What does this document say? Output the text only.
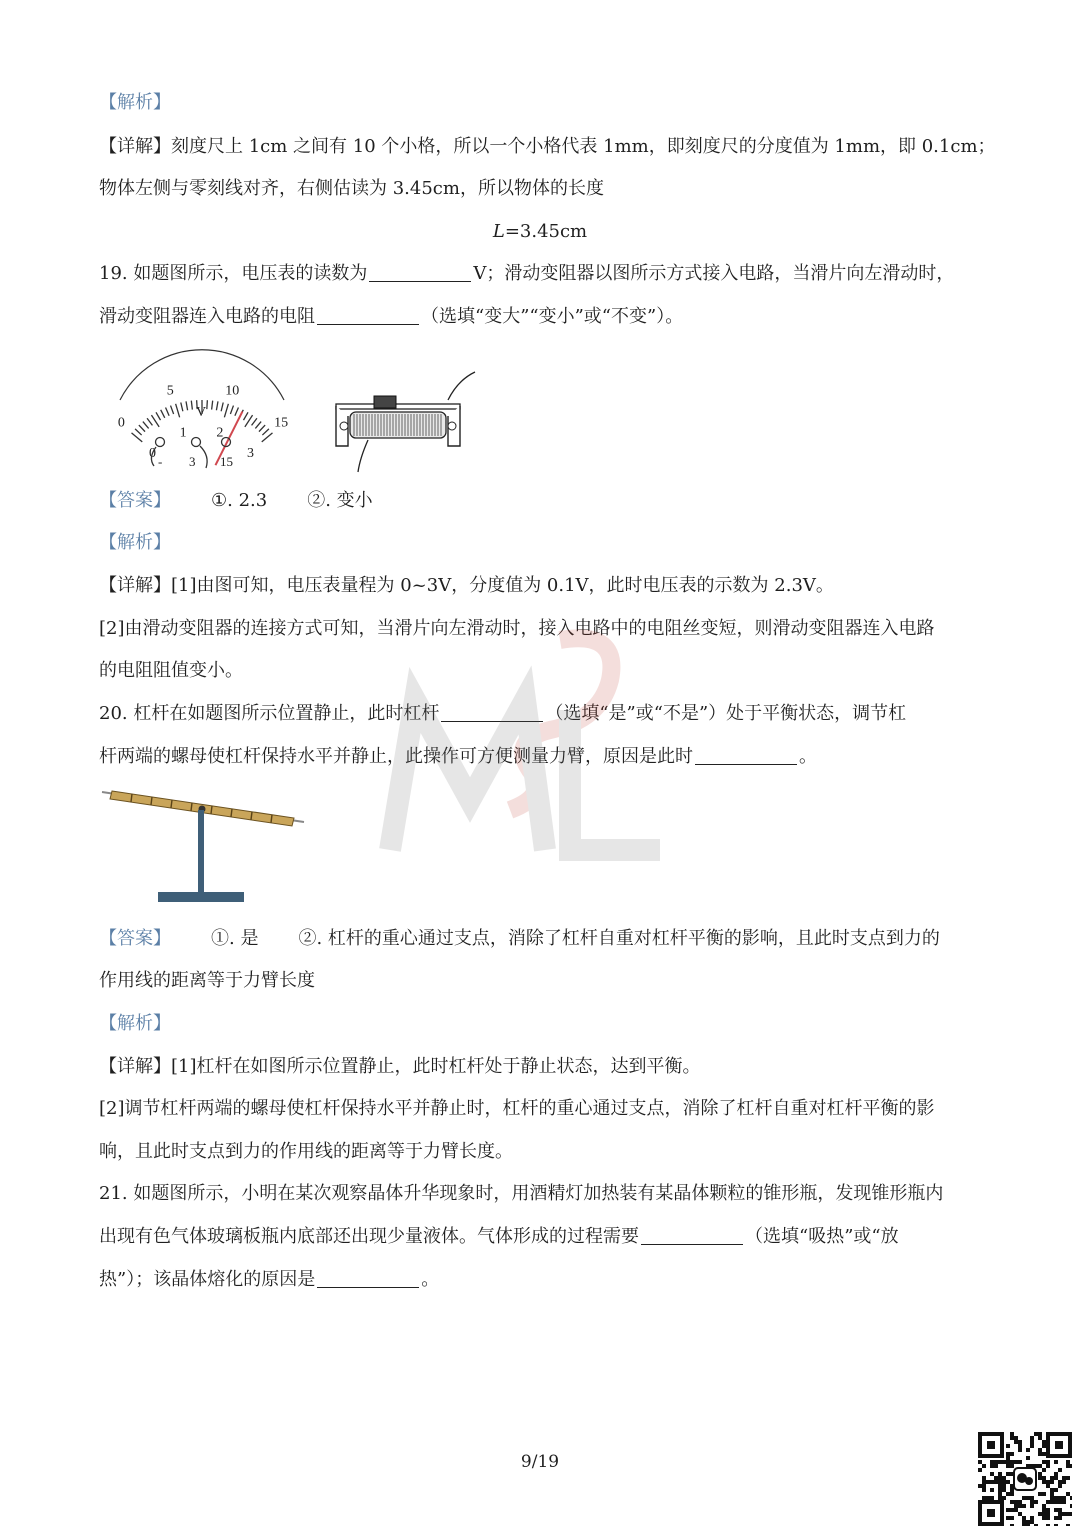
【解析】
【详解】刻度尺上 1cm 之间有 10 个小格，所以一个小格代表 1mm，即刻度尺的分度值为 1mm，即 0.1cm；
物体左侧与零刻线对齐，右侧估读为 3.45cm，所以物体的长度
L=3.45cm
19. 如题图所示，电压表的读数为	V；滑动变阻器以图所示方式接入电路，当滑片向左滑动时，
滑动变阻器连入电路的电阻	（选填“变大”“变小”或“不变”）。
0
5	10
15
0
1 2
3
V
- 3 15
【答案】 ①. 2.3 ②. 变小
【解析】
【详解】[1]由图可知，电压表量程为 0~3V，分度值为 0.1V，此时电压表的示数为 2.3V。
[2]由滑动变阻器的连接方式可知，当滑片向左滑动时，接入电路中的电阻丝变短，则滑动变阻器连入电路
的电阻阻值变小。
20. 杠杆在如题图所示位置静止，此时杠杆	（选填“是”或“不是”）处于平衡状态，调节杠
杆两端的螺母使杠杆保持水平并静止，此操作可方便测量力臂，原因是此时	。
【答案】 ①. 是 ②. 杠杆的重心通过支点，消除了杠杆自重对杠杆平衡的影响，且此时支点到力的
作用线的距离等于力臂长度
【解析】
【详解】[1]杠杆在如图所示位置静止，此时杠杆处于静止状态，达到平衡。
[2]调节杠杆两端的螺母使杠杆保持水平并静止时，杠杆的重心通过支点，消除了杠杆自重对杠杆平衡的影
响，且此时支点到力的作用线的距离等于力臂长度。
21. 如题图所示，小明在某次观察晶体升华现象时，用酒精灯加热装有某晶体颗粒的锥形瓶，发现锥形瓶内
出现有色气体玻璃板瓶内底部还出现少量液体。气体形成的过程需要	（选填“吸热”或“放
热”）；该晶体熔化的原因是	。
9/19
